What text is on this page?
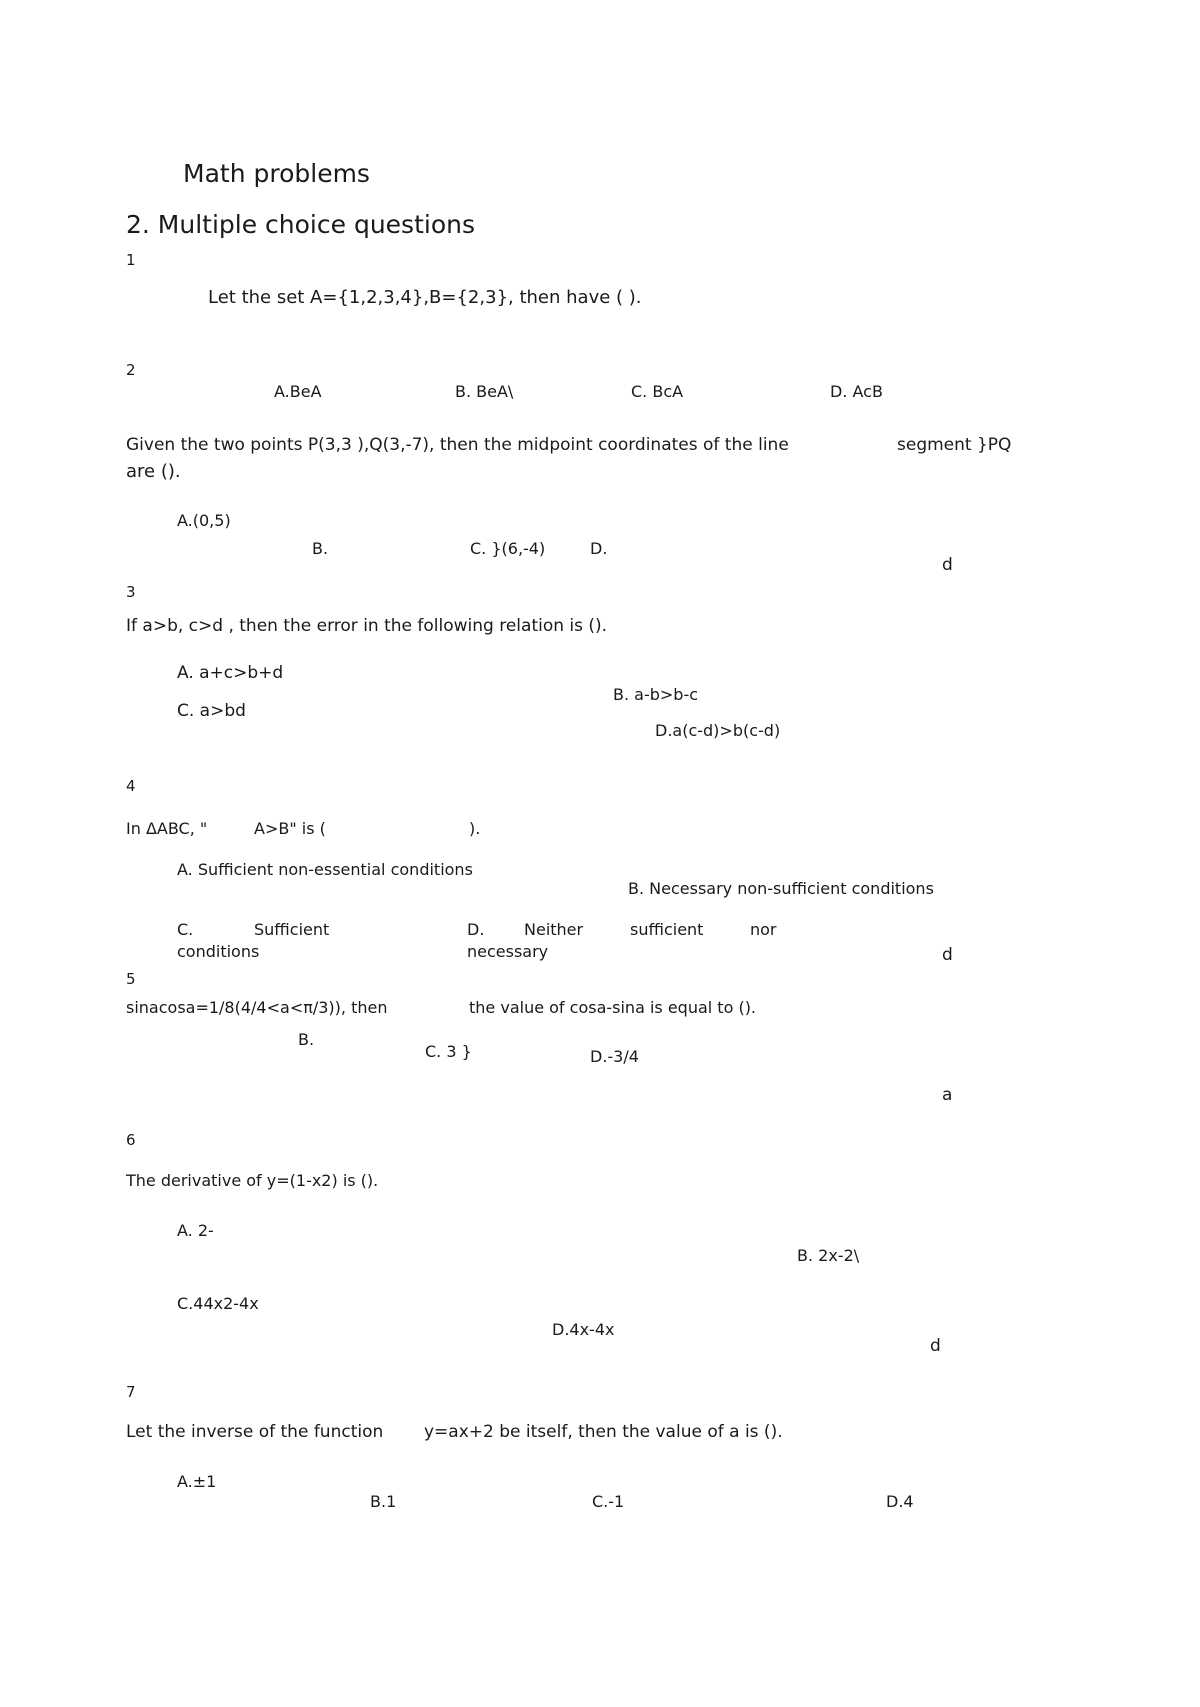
Math problems
2. Multiple choice questions
1
Let the set A={1,2,3,4},B={2,3}, then have ( ).
2
A.BeA	B. BeA\	C. BcA	D. AcB
Given the two points P(3,3 ),Q(3,-7), then the midpoint coordinates of the line	segment }PQ
are ().
A.(0,5)
B.	C. }(6,-4)	D.
d
3
If a>b, c>d , then the error in the following relation is ().
A. a+c>b+d
B. a-b>b-c
C. a>bd
D.a(c-d)>b(c-d)
4
In ΔABC, "	A>B" is (	).
A. Sufficient non-essential conditions
B. Necessary non-sufficient conditions
C.	Sufficient
conditions
D. Neither	sufficient	nor
necessary	d
5
sinacosa=1/8(4/4<a<π/3)), then	the value of cosa-sina is equal to ().
B.
C. 3 }	D.-3/4
a
6
The derivative of y=(1-x2) is ().
A. 2-
B. 2x-2\
C.44x2-4x
D.4x-4x
d
7
Let the inverse of the function y=ax+2 be itself, then the value of a is ().
A.±1
B.1	C.-1	D.4
